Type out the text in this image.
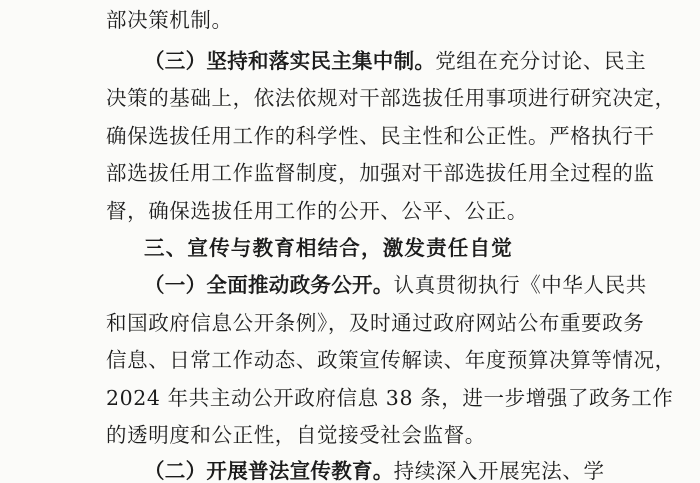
部决策机制。
（三）坚持和落实民主集中制。党组在充分讨论、民主
决策的基础上，依法依规对干部选拔任用事项进行研究决定，
确保选拔任用工作的科学性、民主性和公正性。严格执行干
部选拔任用工作监督制度，加强对干部选拔任用全过程的监
督，确保选拔任用工作的公开、公平、公正。
三、宣传与教育相结合，激发责任自觉
（一）全面推动政务公开。认真贯彻执行《中华人民共
和国政府信息公开条例》，及时通过政府网站公布重要政务
信息、日常工作动态、政策宣传解读、年度预算决算等情况，
2024 年共主动公开政府信息 38 条，进一步增强了政务工作
的透明度和公正性，自觉接受社会监督。
（二）开展普法宣传教育。持续深入开展宪法、学
